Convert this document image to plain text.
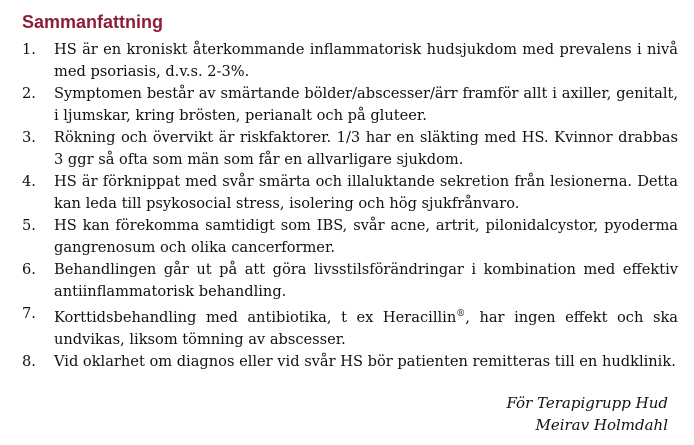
Sammanfattning
1.	HS är en kroniskt återkommande inflammatorisk hudsjukdom med prevalens i nivå med psoriasis, d.v.s. 2-3%.
2.	Symptomen består av smärtande bölder/abscesser/ärr framför allt i axiller, genitalt, i ljumskar, kring brösten, perianalt och på gluteer.
3.	Rökning och övervikt är riskfaktorer. 1/3 har en släkting med HS. Kvinnor drabbas 3 ggr så ofta som män som får en allvarligare sjukdom.
4.	HS är förknippat med svår smärta och illaluktande sekretion från lesionerna. Detta kan leda till psykosocial stress, isolering och hög sjukfrånvaro.
5.	HS kan förekomma samtidigt som IBS, svår acne, artrit, pilonidalcystor, pyoderma gangrenosum och olika cancerformer.
6.	Behandlingen går ut på att göra livsstilsförändringar i kombination med effektiv antiinflammatorisk behandling.
7.	Korttidsbehandling med antibiotika, t ex Heracillin®, har ingen effekt och ska undvikas, liksom tömning av abscesser.
8.	Vid oklarhet om diagnos eller vid svår HS bör patienten remitteras till en hudklinik.
För Terapigrupp Hud
Meirav Holmdahl
